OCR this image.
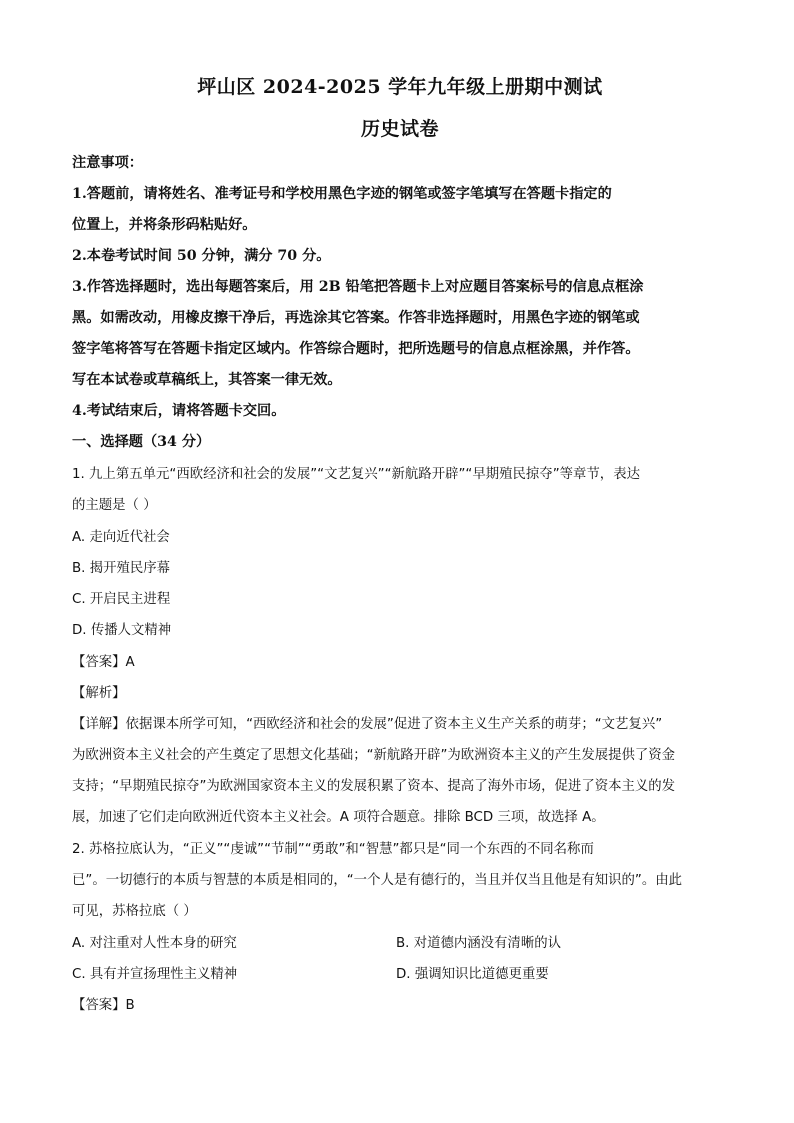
坪山区 2024-2025 学年九年级上册期中测试
历史试卷
注意事项：
1.答题前，请将姓名、准考证号和学校用黑色字迹的钢笔或签字笔填写在答题卡指定的
位置上，并将条形码粘贴好。
2.本卷考试时间 50 分钟，满分 70 分。
3.作答选择题时，选出每题答案后，用 2B 铅笔把答题卡上对应题目答案标号的信息点框涂
黑。如需改动，用橡皮擦干净后，再选涂其它答案。作答非选择题时，用黑色字迹的钢笔或
签字笔将答写在答题卡指定区域内。作答综合题时，把所选题号的信息点框涂黑，并作答。
写在本试卷或草稿纸上，其答案一律无效。
4.考试结束后，请将答题卡交回。
一、选择题（34 分）
1. 九上第五单元“西欧经济和社会的发展”“文艺复兴”“新航路开辟”“早期殖民掠夺”等章节，表达
的主题是（ ）
A. 走向近代社会
B. 揭开殖民序幕
C. 开启民主进程
D. 传播人文精神
【答案】A
【解析】
【详解】依据课本所学可知，“西欧经济和社会的发展”促进了资本主义生产关系的萌芽；“文艺复兴”
为欧洲资本主义社会的产生奠定了思想文化基础；“新航路开辟”为欧洲资本主义的产生发展提供了资金
支持；“早期殖民掠夺”为欧洲国家资本主义的发展积累了资本、提高了海外市场，促进了资本主义的发
展，加速了它们走向欧洲近代资本主义社会。A 项符合题意。排除 BCD 三项，故选择 A。
2. 苏格拉底认为，“正义”“虔诚”“节制”“勇敢”和“智慧”都只是“同一个东西的不同名称而
已”。一切德行的本质与智慧的本质是相同的，“一个人是有德行的，当且并仅当且他是有知识的”。由此
可见，苏格拉底（ ）
A. 对注重对人性本身的研究	B. 对道德内涵没有清晰的认
C. 具有并宣扬理性主义精神	D. 强调知识比道德更重要
【答案】B
